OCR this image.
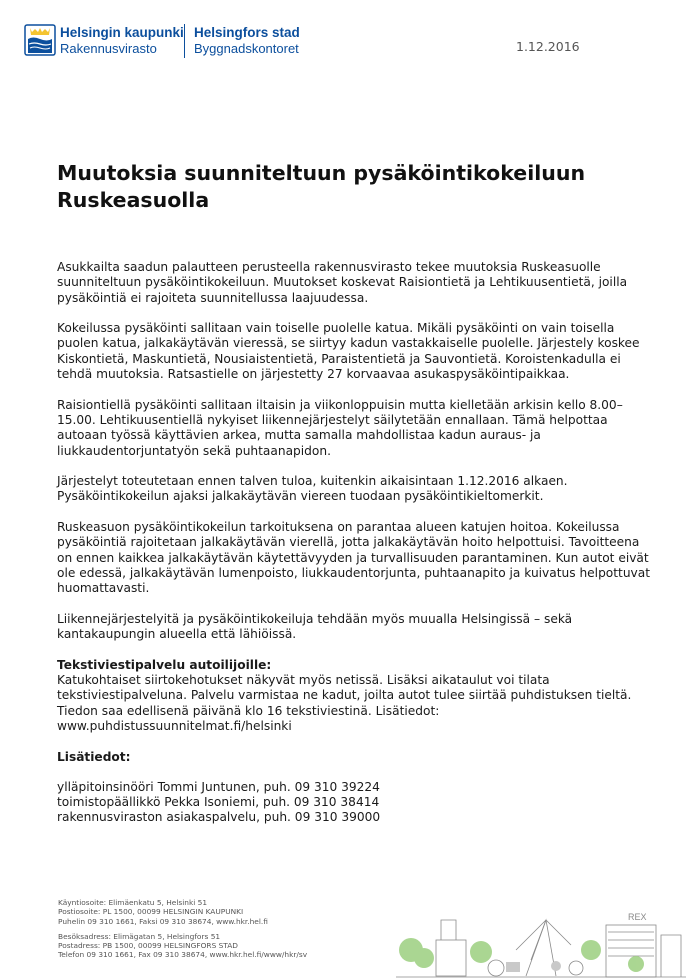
Helsingin kaupunki
Rakennusvirasto
Helsingfors stad
Byggnadskontoret	1.12.2016
Muutoksia suunniteltuun pysäköintikokeiluun
Ruskeasuolla

Asukkailta saadun palautteen perusteella rakennusvirasto tekee muutoksia Ruskeasuolle
suunniteltuun pysäköintikokeiluun. Muutokset koskevat Raisiontietä ja Lehtikuusentietä, joilla
pysäköintiä ei rajoiteta suunnitellussa laajuudessa.

Kokeilussa pysäköinti sallitaan vain toiselle puolelle katua. Mikäli pysäköinti on vain toisella
puolen katua, jalkakäytävän vieressä, se siirtyy kadun vastakkaiselle puolelle. Järjestely koskee
Kiskontietä, Maskuntietä, Nousiaistentietä, Paraistentietä ja Sauvontietä. Koroistenkadulla ei
tehdä muutoksia. Ratsastielle on järjestetty 27 korvaavaa asukaspysäköintipaikkaa.

Raisiontiellä pysäköinti sallitaan iltaisin ja viikonloppuisin mutta kielletään arkisin kello 8.00–
15.00. Lehtikuusentiellä nykyiset liikennejärjestelyt säilytetään ennallaan. Tämä helpottaa
autoaan työssä käyttävien arkea, mutta samalla mahdollistaa kadun auraus- ja
liukkaudentorjuntatyön sekä puhtaanapidon.

Järjestelyt toteutetaan ennen talven tuloa, kuitenkin aikaisintaan 1.12.2016 alkaen.
Pysäköintikokeilun ajaksi jalkakäytävän viereen tuodaan pysäköintikieltomerkit.

Ruskeasuon pysäköintikokeilun tarkoituksena on parantaa alueen katujen hoitoa. Kokeilussa
pysäköintiä rajoitetaan jalkakäytävän vierellä, jotta jalkakäytävän hoito helpottuisi. Tavoitteena
on ennen kaikkea jalkakäytävän käytettävyyden ja turvallisuuden parantaminen. Kun autot eivät
ole edessä, jalkakäytävän lumenpoisto, liukkaudentorjunta, puhtaanapito ja kuivatus helpottuvat
huomattavasti.

Liikennejärjestelyitä ja pysäköintikokeiluja tehdään myös muualla Helsingissä – sekä
kantakaupungin alueella että lähiöissä.

Tekstiviestipalvelu autoilijoille:
Katukohtaiset siirtokehotukset näkyvät myös netissä. Lisäksi aikataulut voi tilata
tekstiviestipalveluna. Palvelu varmistaa ne kadut, joilta autot tulee siirtää puhdistuksen tieltä.
Tiedon saa edellisenä päivänä klo 16 tekstiviestinä. Lisätiedot:
www.puhdistussuunnitelmat.fi/helsinki

Lisätiedot:
ylläpitoinsinööri Tommi Juntunen, puh. 09 310 39224
toimistopäällikkö Pekka Isoniemi, puh. 09 310 38414
rakennusviraston asiakaspalvelu, puh. 09 310 39000

Käyntiosoite: Elimäenkatu 5, Helsinki 51
Postiosoite: PL 1500, 00099 HELSINGIN KAUPUNKI
Puhelin 09 310 1661, Faksi 09 310 38674, www.hkr.hel.fi
Besöksadress: Elimägatan 5, Helsingfors 51
Postadress: PB 1500, 00099 HELSINGFORS STAD
Telefon 09 310 1661, Fax 09 310 38674, www.hkr.hel.fi/www/hkr/sv
REX
